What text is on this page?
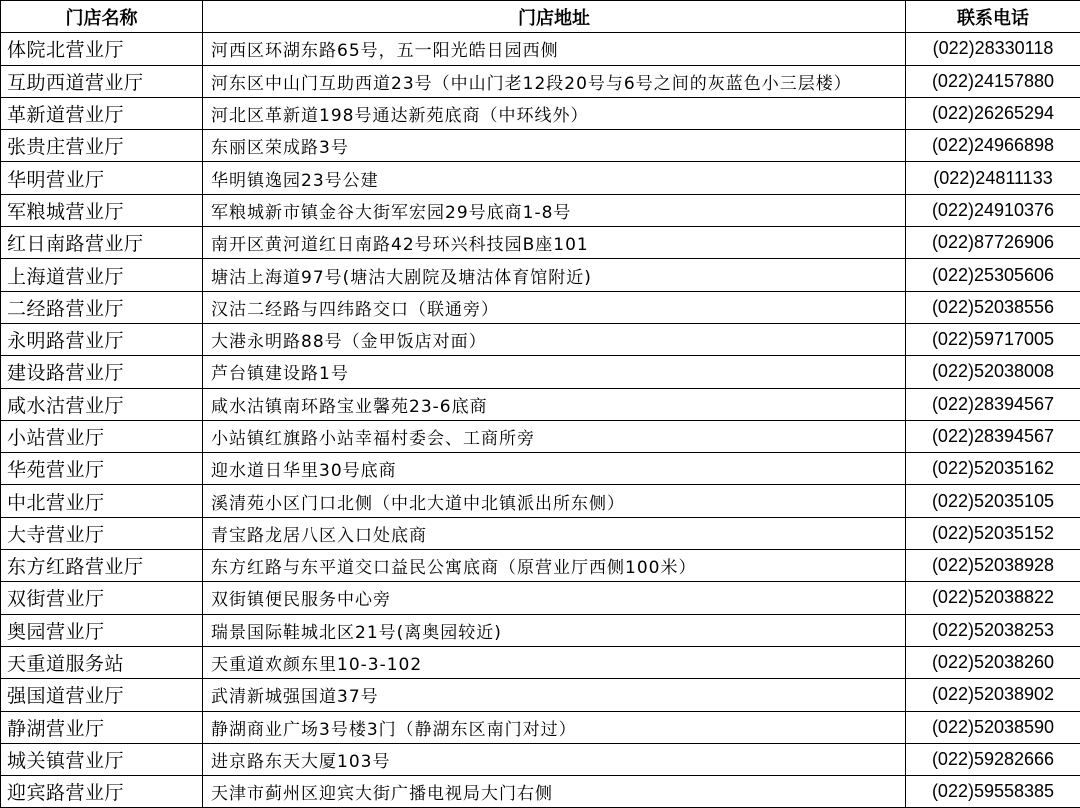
门店名称	门店地址	联系电话
体院北营业厅	河西区环湖东路65号，五一阳光皓日园西侧	(022)28330118
互助西道营业厅	河东区中山门互助西道23号（中山门老12段20号与6号之间的灰蓝色小三层楼）	(022)24157880
革新道营业厅	河北区革新道198号通达新苑底商（中环线外）	(022)26265294
张贵庄营业厅	东丽区荣成路3号	(022)24966898
华明营业厅	华明镇逸园23号公建	(022)24811133
军粮城营业厅	军粮城新市镇金谷大街军宏园29号底商1-8号	(022)24910376
红日南路营业厅	南开区黄河道红日南路42号环兴科技园B座101	(022)87726906
上海道营业厅	塘沽上海道97号(塘沽大剧院及塘沽体育馆附近)	(022)25305606
二经路营业厅	汉沽二经路与四纬路交口（联通旁）	(022)52038556
永明路营业厅	大港永明路88号（金甲饭店对面）	(022)59717005
建设路营业厅	芦台镇建设路1号	(022)52038008
咸水沽营业厅	咸水沽镇南环路宝业馨苑23-6底商	(022)28394567
小站营业厅	小站镇红旗路小站幸福村委会、工商所旁	(022)28394567
华苑营业厅	迎水道日华里30号底商	(022)52035162
中北营业厅	溪清苑小区门口北侧（中北大道中北镇派出所东侧）	(022)52035105
大寺营业厅	青宝路龙居八区入口处底商	(022)52035152
东方红路营业厅	东方红路与东平道交口益民公寓底商（原营业厅西侧100米）	(022)52038928
双街营业厅	双街镇便民服务中心旁	(022)52038822
奥园营业厅	瑞景国际鞋城北区21号(离奥园较近)	(022)52038253
天重道服务站	天重道欢颜东里10-3-102	(022)52038260
强国道营业厅	武清新城强国道37号	(022)52038902
静湖营业厅	静湖商业广场3号楼3门（静湖东区南门对过）	(022)52038590
城关镇营业厅	进京路东天大厦103号	(022)59282666
迎宾路营业厅	天津市蓟州区迎宾大街广播电视局大门右侧	(022)59558385
